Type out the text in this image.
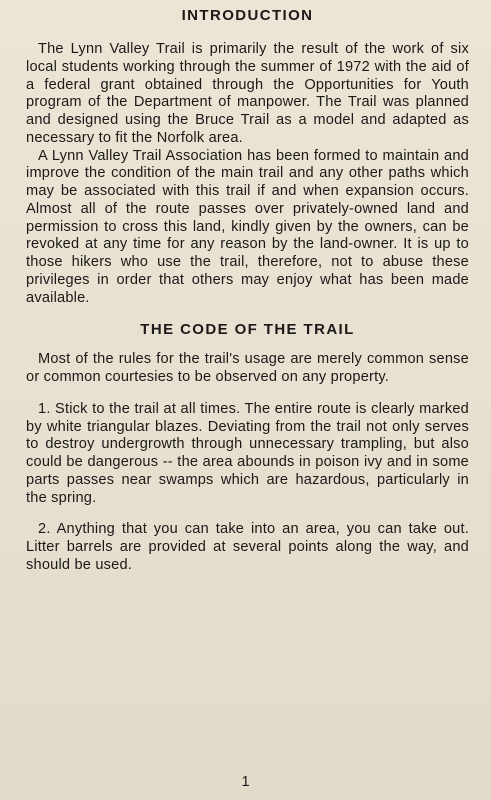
INTRODUCTION

The Lynn Valley Trail is primarily the result of the work of six local students working through the summer of 1972 with the aid of a federal grant obtained through the Opportunities for Youth program of the Department of manpower. The Trail was planned and designed using the Bruce Trail as a model and adapted as necessary to fit the Norfolk area.

A Lynn Valley Trail Association has been formed to maintain and improve the condition of the main trail and any other paths which may be associated with this trail if and when expansion occurs. Almost all of the route passes over privately-owned land and permission to cross this land, kindly given by the owners, can be revoked at any time for any reason by the land-owner. It is up to those hikers who use the trail, therefore, not to abuse these privileges in order that others may enjoy what has been made available.

THE CODE OF THE TRAIL

Most of the rules for the trail's usage are merely common sense or common courtesies to be observed on any property.

1. Stick to the trail at all times. The entire route is clearly marked by white triangular blazes. Deviating from the trail not only serves to destroy undergrowth through unnecessary trampling, but also could be dangerous -- the area abounds in poison ivy and in some parts passes near swamps which are hazardous, particularly in the spring.

2. Anything that you can take into an area, you can take out. Litter barrels are provided at several points along the way, and should be used.

1
